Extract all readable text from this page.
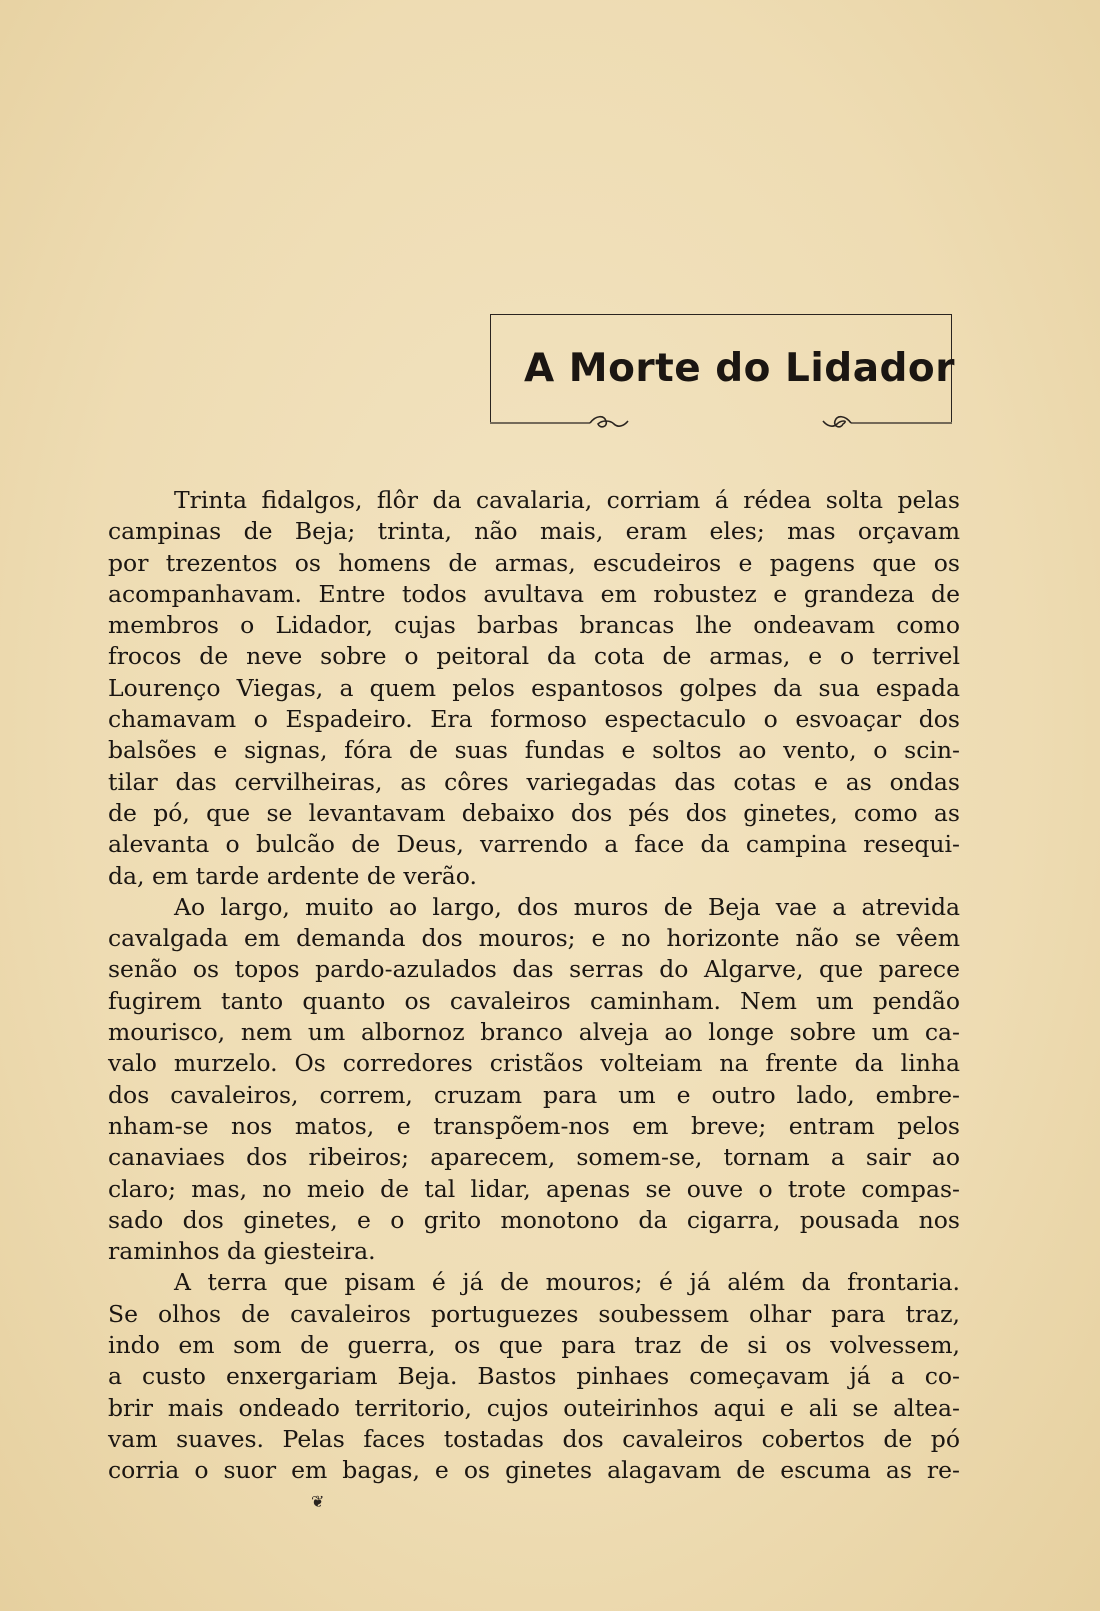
A Morte do Lidador
Trinta fidalgos, flôr da cavalaria, corriam á rédea solta pelas
campinas de Beja; trinta, não mais, eram eles; mas orçavam
por trezentos os homens de armas, escudeiros e pagens que os
acompanhavam. Entre todos avultava em robustez e grandeza de
membros o Lidador, cujas barbas brancas lhe ondeavam como
frocos de neve sobre o peitoral da cota de armas, e o terrivel
Lourenço Viegas, a quem pelos espantosos golpes da sua espada
chamavam o Espadeiro. Era formoso espectaculo o esvoaçar dos
balsões e signas, fóra de suas fundas e soltos ao vento, o scin-
tilar das cervilheiras, as côres variegadas das cotas e as ondas
de pó, que se levantavam debaixo dos pés dos ginetes, como as
alevanta o bulcão de Deus, varrendo a face da campina resequi-
da, em tarde ardente de verão.
Ao largo, muito ao largo, dos muros de Beja vae a atrevida
cavalgada em demanda dos mouros; e no horizonte não se vêem
senão os topos pardo-azulados das serras do Algarve, que parece
fugirem tanto quanto os cavaleiros caminham. Nem um pendão
mourisco, nem um albornoz branco alveja ao longe sobre um ca-
valo murzelo. Os corredores cristãos volteiam na frente da linha
dos cavaleiros, correm, cruzam para um e outro lado, embre-
nham-se nos matos, e transpõem-nos em breve; entram pelos
canaviaes dos ribeiros; aparecem, somem-se, tornam a sair ao
claro; mas, no meio de tal lidar, apenas se ouve o trote compas-
sado dos ginetes, e o grito monotono da cigarra, pousada nos
raminhos da giesteira.
A terra que pisam é já de mouros; é já além da frontaria.
Se olhos de cavaleiros portuguezes soubessem olhar para traz,
indo em som de guerra, os que para traz de si os volvessem,
a custo enxergariam Beja. Bastos pinhaes começavam já a co-
brir mais ondeado territorio, cujos outeirinhos aqui e ali se altea-
vam suaves. Pelas faces tostadas dos cavaleiros cobertos de pó
corria o suor em bagas, e os ginetes alagavam de escuma as re-
❦
